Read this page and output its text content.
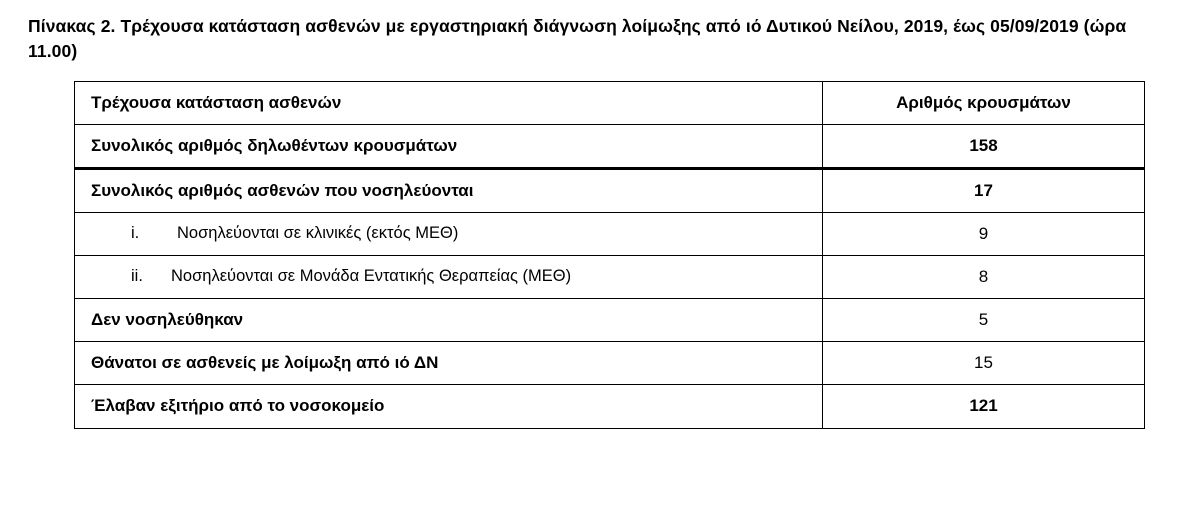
Πίνακας 2. Τρέχουσα κατάσταση ασθενών με εργαστηριακή διάγνωση λοίμωξης από ιό Δυτικού Νείλου, 2019, έως 05/09/2019 (ώρα 11.00)

Τρέχουσα κατάσταση ασθενών	Αριθμός κρουσμάτων

Συνολικός αριθμός δηλωθέντων κρουσμάτων	158

Συνολικός αριθμός ασθενών που νοσηλεύονται	17

i. Νοσηλεύονται σε κλινικές (εκτός ΜΕΘ)	9

ii. Νοσηλεύονται σε Μονάδα Εντατικής Θεραπείας (ΜΕΘ)	8

Δεν νοσηλεύθηκαν	5

Θάνατοι σε ασθενείς με λοίμωξη από ιό ΔΝ	15

Έλαβαν εξιτήριο από το νοσοκομείο	121
